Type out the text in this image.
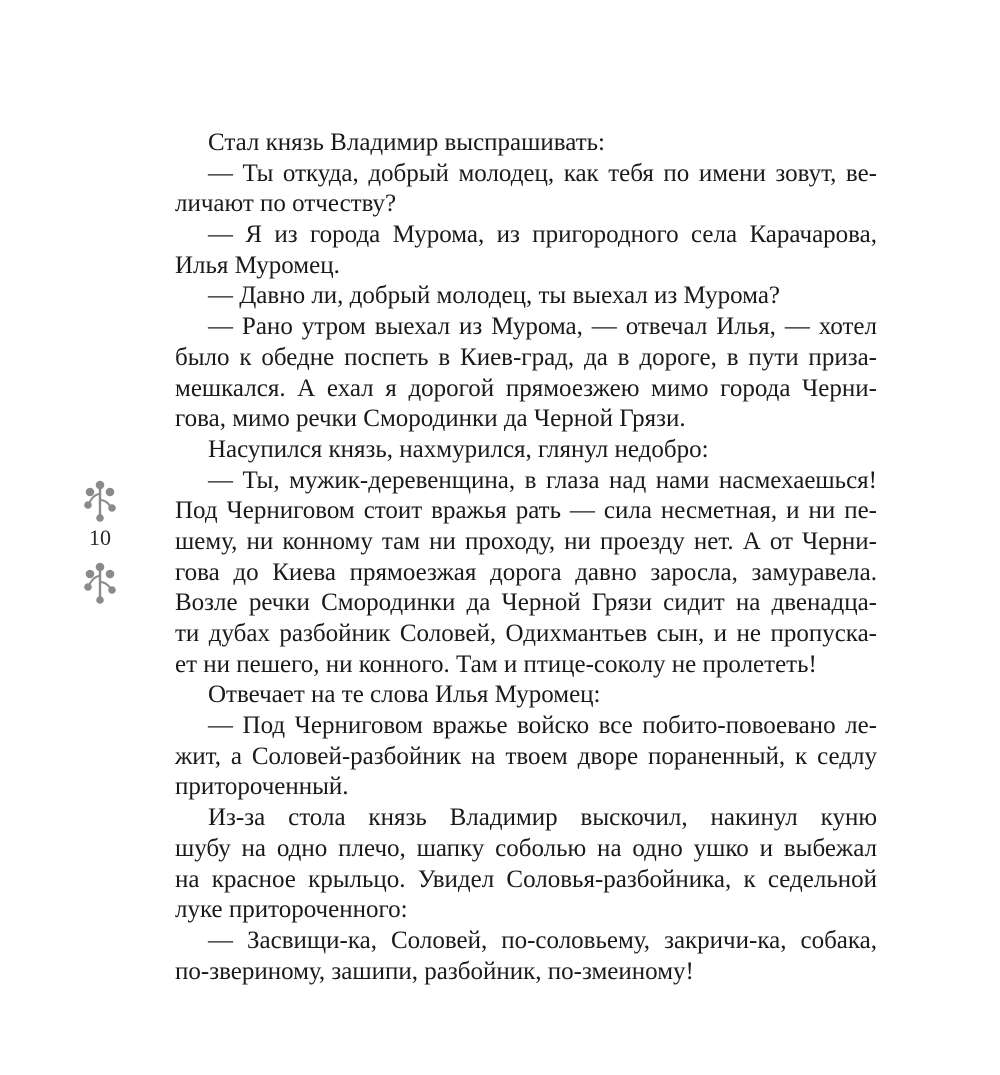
Стал князь Владимир выспрашивать:
— Ты откуда, добрый молодец, как тебя по имени зовут, ве-
личают по отчеству?
— Я из города Мурома, из пригородного села Карачарова,
Илья Муромец.
— Давно ли, добрый молодец, ты выехал из Мурома?
— Рано утром выехал из Мурома, — отвечал Илья, — хотел
было к обедне поспеть в Киев-град, да в дороге, в пути приза-
мешкался. А ехал я дорогой прямоезжею мимо города Черни-
гова, мимо речки Смородинки да Черной Грязи.
Насупился князь, нахмурился, глянул недобро:
— Ты, мужик-деревенщина, в глаза над нами насмехаешься!
Под Черниговом стоит вражья рать — сила несметная, и ни пе-
шему, ни конному там ни проходу, ни проезду нет. А от Черни-
гова до Киева прямоезжая дорога давно заросла, замуравела.
Возле речки Смородинки да Черной Грязи сидит на двенадца-
ти дубах разбойник Соловей, Одихмантьев сын, и не пропуска-
ет ни пешего, ни конного. Там и птице-соколу не пролететь!
Отвечает на те слова Илья Муромец:
— Под Черниговом вражье войско все побито-повоевано ле-
жит, а Соловей-разбойник на твоем дворе пораненный, к седлу
притороченный.
Из-за стола князь Владимир выскочил, накинул куню
шубу на одно плечо, шапку соболью на одно ушко и выбежал
на красное крыльцо. Увидел Соловья-разбойника, к седельной
луке притороченного:
— Засвищи-ка, Соловей, по-соловьему, закричи-ка, собака,
по-звериному, зашипи, разбойник, по-змеиному!
10
